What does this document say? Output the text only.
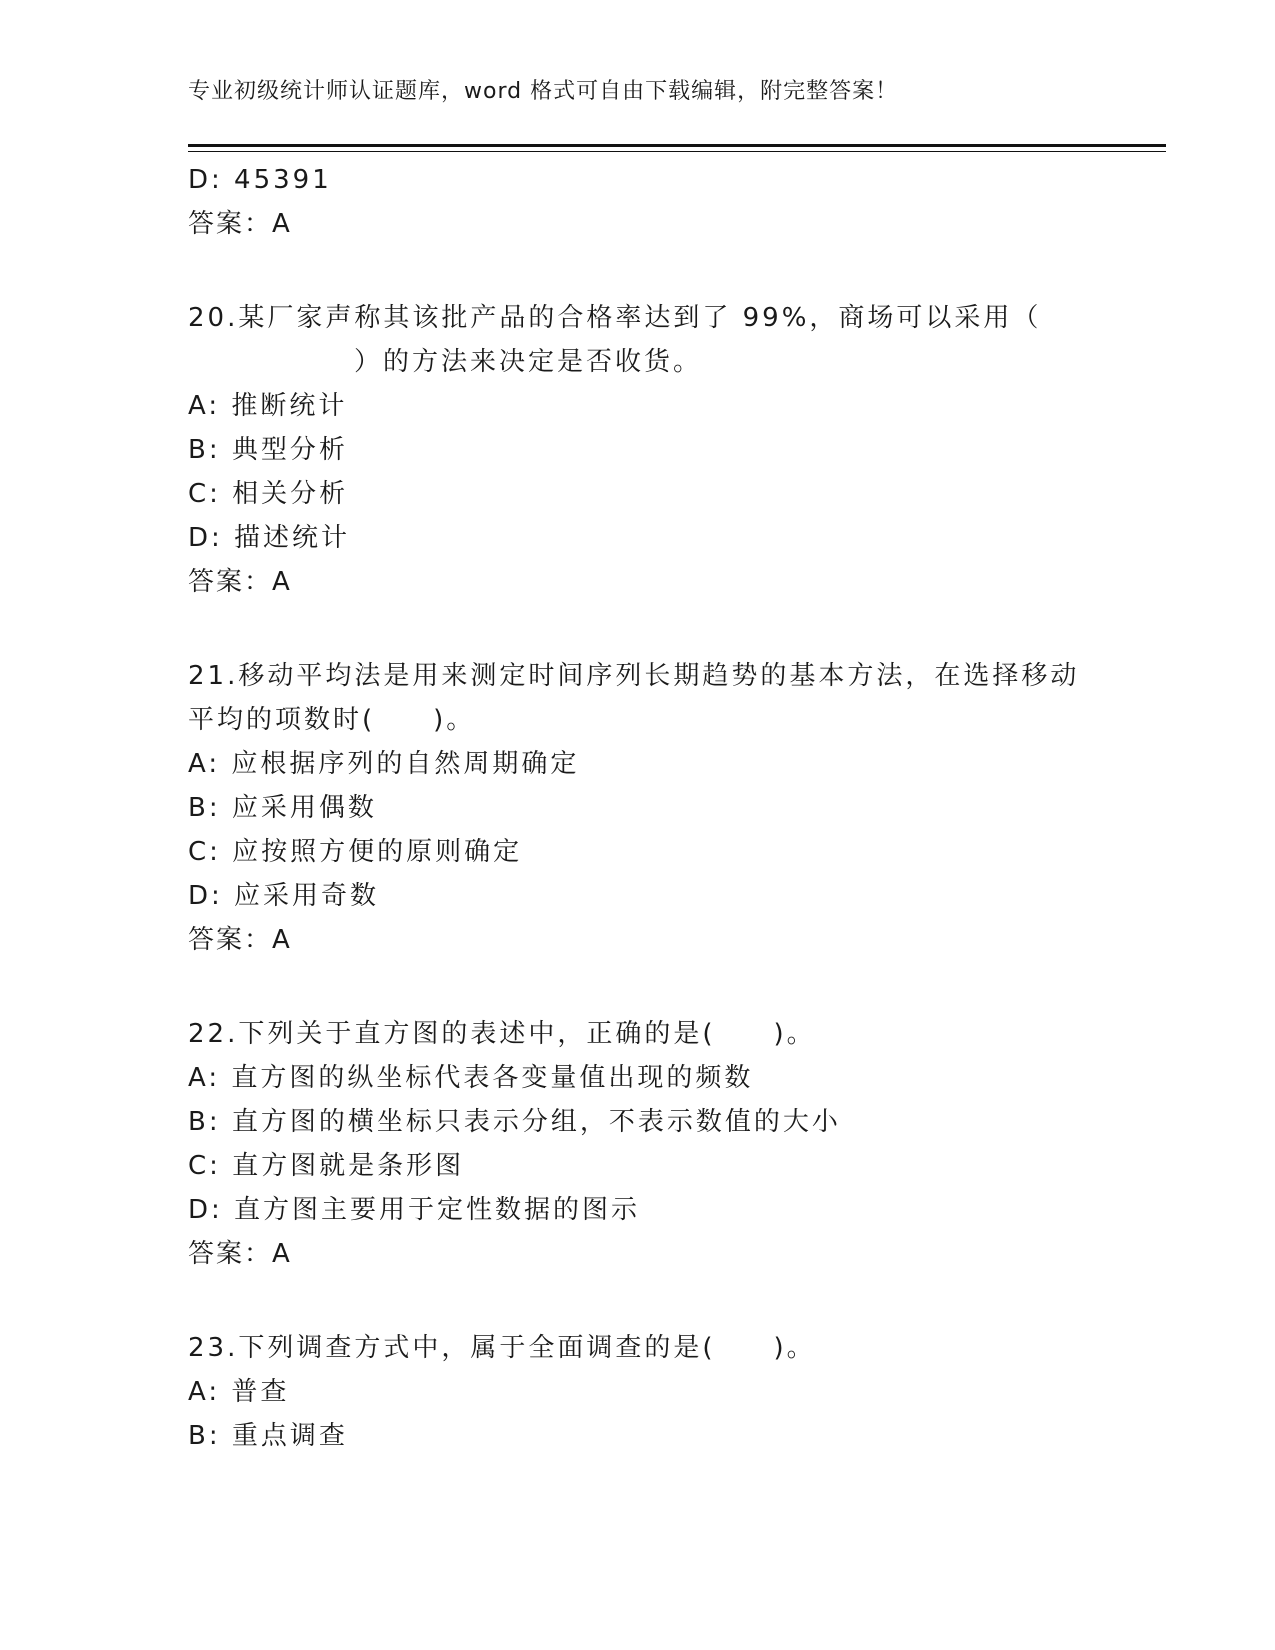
专业初级统计师认证题库，word 格式可自由下载编辑，附完整答案！
D: 45391
答案：A
20.某厂家声称其该批产品的合格率达到了 99%，商场可以采用（
）的方法来决定是否收货。
A: 推断统计
B: 典型分析
C: 相关分析
D: 描述统计
答案：A
21.移动平均法是用来测定时间序列长期趋势的基本方法，在选择移动
平均的项数时(　　)。
A: 应根据序列的自然周期确定
B: 应采用偶数
C: 应按照方便的原则确定
D: 应采用奇数
答案：A
22.下列关于直方图的表述中，正确的是(　　)。
A: 直方图的纵坐标代表各变量值出现的频数
B: 直方图的横坐标只表示分组，不表示数值的大小
C: 直方图就是条形图
D: 直方图主要用于定性数据的图示
答案：A
23.下列调查方式中，属于全面调查的是(　　)。
A: 普查
B: 重点调查
